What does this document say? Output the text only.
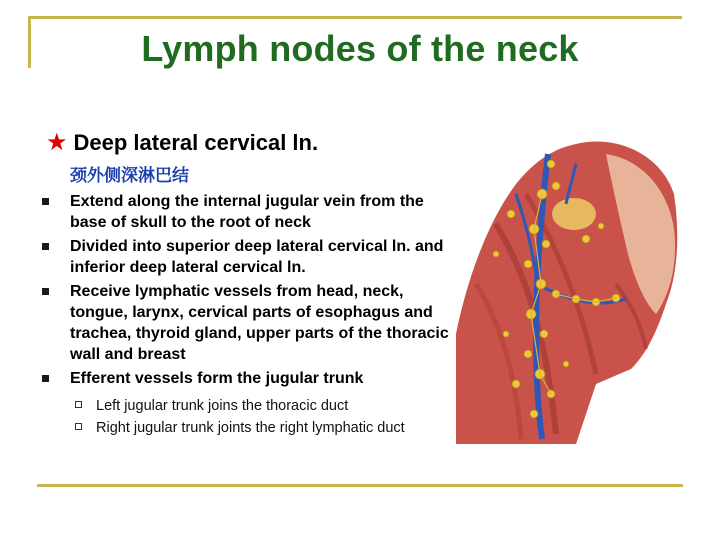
Lymph nodes of the neck
★ Deep lateral cervical ln.
颈外侧深淋巴结
Extend along the internal jugular vein from the base of skull to the root of neck
Divided into superior deep lateral cervical ln. and inferior deep lateral cervical ln.
Receive lymphatic vessels from head, neck, tongue, larynx, cervical parts of esophagus and trachea, thyroid gland, upper parts of the thoracic wall and breast
Efferent vessels form the jugular trunk
Left jugular trunk joins the thoracic duct
Right jugular trunk joints the right lymphatic duct
